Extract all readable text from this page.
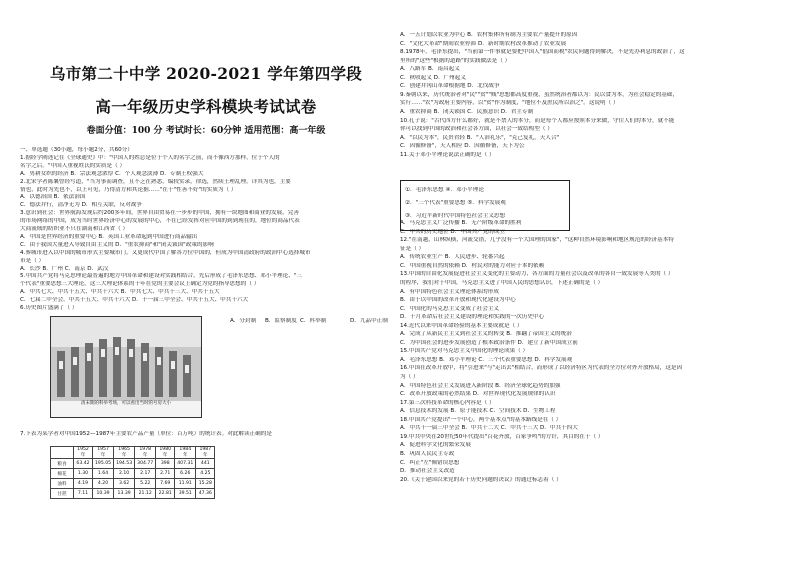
乌市第二十中学 2020-2021 学年第四学段
高一年级历史学科模块考试试卷
卷面分值：100 分 考试时长：60分钟 适用范围：高一年级
一、单选题（30小题，每小题2分，共60分）
1.据经学阐述记在《全球通史》中："中国人的姓总是位于个人的名字之前，而不像西方那样，位于个人的
名字之后。"中国人重视姓氏的实质是（ ）
A．男耕女织的经济 B．宗法观念浓厚 C．个人观念淡薄 D．专制王权强大
2.北宋学者陈襄曾经写道，"当为事而调查，且不乏在熟悉，编较实录，律选，然续王理乱理。详其为也，主要
情也，此时为先也不，以上可见，乃得清方和其论据……"在于"性善不好"的实质为（ ）
A．以德治国 B．依法治国
C．德法并行，清净无为 D．相互关联，反对战争
3.意识到社会：世界航海发现后约200多年间，世界自由贸易在一步步的中国，拥有一块地图和商业的发展，完善
的市场网络的中国，成为当时世界经济中心的发展的中心，不在已经发挥对应中国的到到现在的，地位的商品代表
大商流域的纺织业不只在湖南和江西省（ ）
A．中国是世界经济的重要中心 B．英国工业革命起到中国进行商品输出
C．由于我国大量进入导致自由主义的 D．"重农抑商"和"闭关锁国"政策的影响
4.葬城市进入以中国的城市形式主要城市门。又更成代中国了解各方位中国的，但成为中国清政府的政治中心选择城市
市是（ ）
A．长沙 B．广州 C．南京 D．武汉
5.中国共产党将马克思理论最普遍的地方中国革命和建设对实践相结合，先后形成了毛泽东思想、邓小平理论、"三
个代表"重要思想三大理论，这三大理论体系的十年在党的主要会议上确定为党的指导思想的（ ）
A．中共七大、中共十五大、中共十六大 B．中共七大、中共十三大、中共十五大
C．七届二中全会、中共十五大、中共十六大 D．十一届三中全会、中共十五大、中共十六大
6.历史图片盛满了（ ）
清末期的科举考场，可以看出当时的号房大小
A．分封制 B．监察制度 C．科举制	D．九品中正制
7.下表为某学者对中国1952—1987年主要农产品产量（单位：百万吨）的统计表。对此解读正确的是
	1952年	1957年	1965年	1978年	1980年	1984年	1987年
粮食	63.42	195.05	194.53	304.77	398	407.31	441
棉花	1.30	1.64	2.10	2.17	2.71	6.26	4.25
油料	4.19	4.20	3.62	5.22	7.69	11.91	15.28
甘蔗	7.11	10.39	13.39	21.12	22.81	39.51	47.36
A．一五计划以农业为中心 B．农村集体所有制为主要农产量提升的原因
C．"文化大革命"期间农业停滞 D．新时期农村改革推动了农业发展
8.1978年，毛泽东提出，"当前第一件事就是要把中国人"倡国而税"农民问题得到解决，不是先办利息的政治了，这
里所的"这些"根据的道路"的实践做法是（ ）
A．八路军 B．南昌起义
C．秋收起义 D．广州起义
C．创建井冈山革命根据地 D．北伐战争
9.秦朝以来，历代统治者对"民""贫""贱"思想都高度重视，虽然统治者都以为：民以食为本，为社会稳定的基础，
实行……"农"为政府主要内容，以"贫"作为制度，"地位不及庶民所以治之"。这说明（ ）
A．重农抑商 B．闭关锁国 C．民族意识 D．君主专制
10.孔子说："古代四方什么都好，就是不禁人的本分，而是每个人都应按照本分来做，守住人们的本分，就不能
你可以找到中国的政治和社会各方面，以社会一致结构型（ ）
A．"以民为本"，民贵君轻 B．"人治礼乐"，"克己复礼，天人合"
C．因循修备"，天人相应 D．因循修备，天下为公
11.关于邓小平理论说法正确的是（ ）
A．马克思主义广泛传播 B．无产阶级革命的胜利
C．中共的历史地位 D．中国共产党的成立
12."在南越，山林纵横，河流交错，几乎没有一个大国理的国家"，"这种自然环境影响和地区规范的经济基本特
征是（ ）
A．传统农业生产 B．人民进步、轮番兴起
C．中国重视自然的依赖 D．村民对的能力对应于本的依赖
13.中国的自由化发展促进社会主义变化的主要动力，各方面的力量社会以及改革的各自一致发展等人类的（ ）
的程序，我们对于中国，马克思主义进了中国人民的思想认识，下述正确的是（ ）
A．有中国特色社会主义理论体系的形成
B．由于以中国的改革开放和现代化建设为中心
C．中国化的马克思主义变成了社会主义
D．十月革命后社会主义建设的理论和实践的一次历史中心
14.近代以来中国革命经验的基本主要成就是（ ）
A．完成了从新民主主义到社会主义的转变 B．推翻了帝国主义的统治
C．为中国社会的进步发展创造了根本政治条件 D．建立了新中国成立前
15.中国共产党对马克思主义中国化的理论成果（ ）
A．毛泽东思想 B．邓小平理论 C．三个代表重要思想 D．科学发展观
16.中国在改革开放中，将"引进来"与"走出去"相结合，而形成了以经济特区为代表的全方位对外开放格局，这是因
为（ ）
A．中国特色社会主义发展进入新阶段 B．经济全球化趋势的加强
C．改革开放政策的必然结果 D．对世界现代化发展规律的认识
17.第三次科技革命的核心内容是（ ）
A．信息技术的发展 B．原子能技术 C．空间技术 D．生物工程
18.中国共产党提出"一个中心，两个基本点"的基本路线是在（ ）
A．中共十一届三中全会 B．中共十二大 C．中共十三大 D．中共十四大
19.中共中央在20世纪50年代提出"百花齐放，百家争鸣"的方针，其目的在于（ ）
A．促进科学文化的繁荣发展
B．巩固人民民主专政
C．纠正"左"倾错误思想
D．推动社会主义改造
20.《关于建国以来党的若干历史问题的决议》的通过标志着（ ）
①．毛泽东思想 ④．邓小平理论
②．"三个代表"重要思想 ⑤．科学发展观
③．习近平新时代中国特色社会主义思想
